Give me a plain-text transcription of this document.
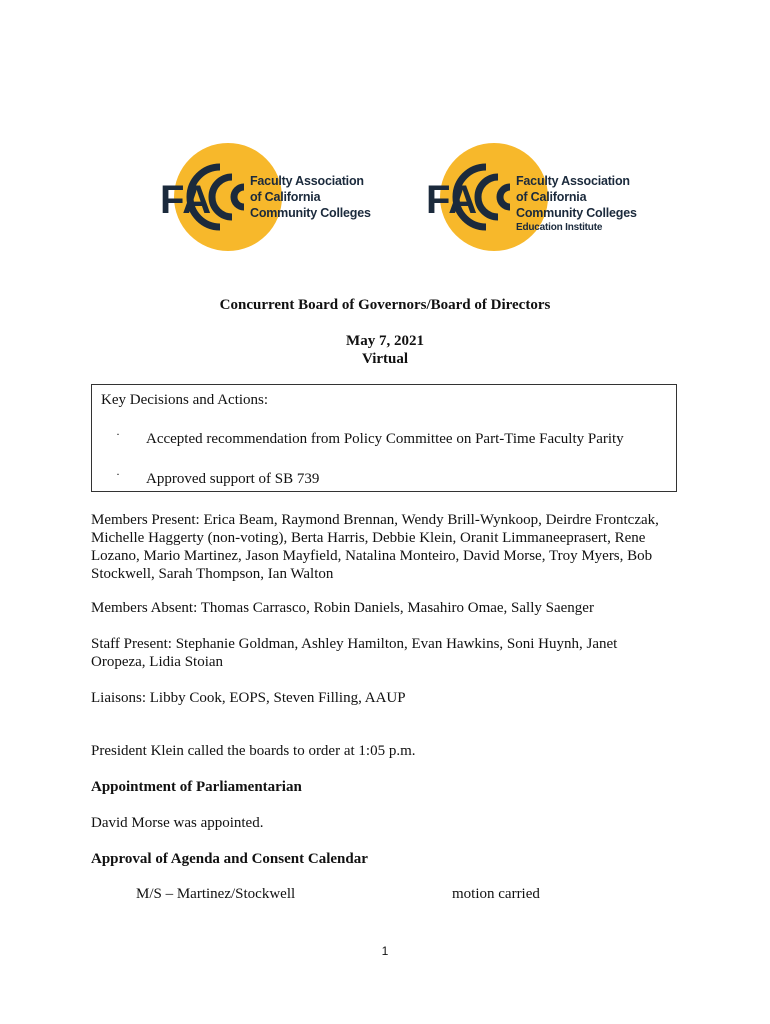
FA	Faculty Association
of California
Community Colleges FA	Faculty Association
of California
Community Colleges
Education Institute
Concurrent Board of Governors/Board of Directors
May 7, 2021
Virtual
Key Decisions and Actions:
· Accepted recommendation from Policy Committee on Part-Time Faculty Parity
· Approved support of SB 739
Members Present: Erica Beam, Raymond Brennan, Wendy Brill-Wynkoop, Deirdre Frontczak, Michelle Haggerty (non-voting), Berta Harris, Debbie Klein, Oranit Limmaneeprasert, Rene Lozano, Mario Martinez, Jason Mayfield, Natalina Monteiro, David Morse, Troy Myers, Bob Stockwell, Sarah Thompson, Ian Walton
Members Absent: Thomas Carrasco, Robin Daniels, Masahiro Omae, Sally Saenger
Staff Present: Stephanie Goldman, Ashley Hamilton, Evan Hawkins, Soni Huynh, Janet Oropeza, Lidia Stoian
Liaisons: Libby Cook, EOPS, Steven Filling, AAUP
President Klein called the boards to order at 1:05 p.m.
Appointment of Parliamentarian
David Morse was appointed.
Approval of Agenda and Consent Calendar
M/S – Martinez/Stockwell	motion carried
1
